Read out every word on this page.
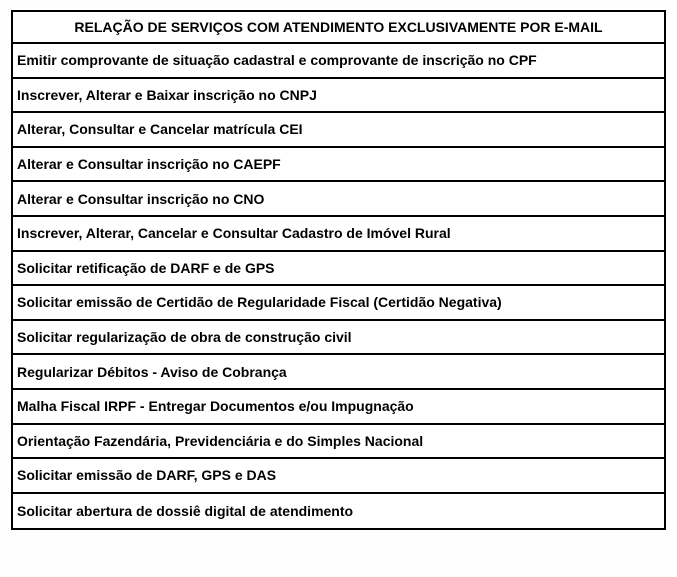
RELAÇÃO DE SERVIÇOS COM ATENDIMENTO EXCLUSIVAMENTE POR E-MAIL
Emitir comprovante de situação cadastral e comprovante de inscrição no CPF
Inscrever, Alterar e Baixar inscrição no CNPJ
Alterar, Consultar e Cancelar matrícula CEI
Alterar e Consultar inscrição no CAEPF
Alterar e Consultar inscrição no CNO
Inscrever, Alterar, Cancelar e Consultar Cadastro de Imóvel Rural
Solicitar retificação de DARF e de GPS
Solicitar emissão de Certidão de Regularidade Fiscal (Certidão Negativa)
Solicitar regularização de obra de construção civil
Regularizar Débitos - Aviso de Cobrança
Malha Fiscal IRPF - Entregar Documentos e/ou Impugnação
Orientação Fazendária, Previdenciária e do Simples Nacional
Solicitar emissão de DARF, GPS e DAS
Solicitar abertura de dossiê digital de atendimento
